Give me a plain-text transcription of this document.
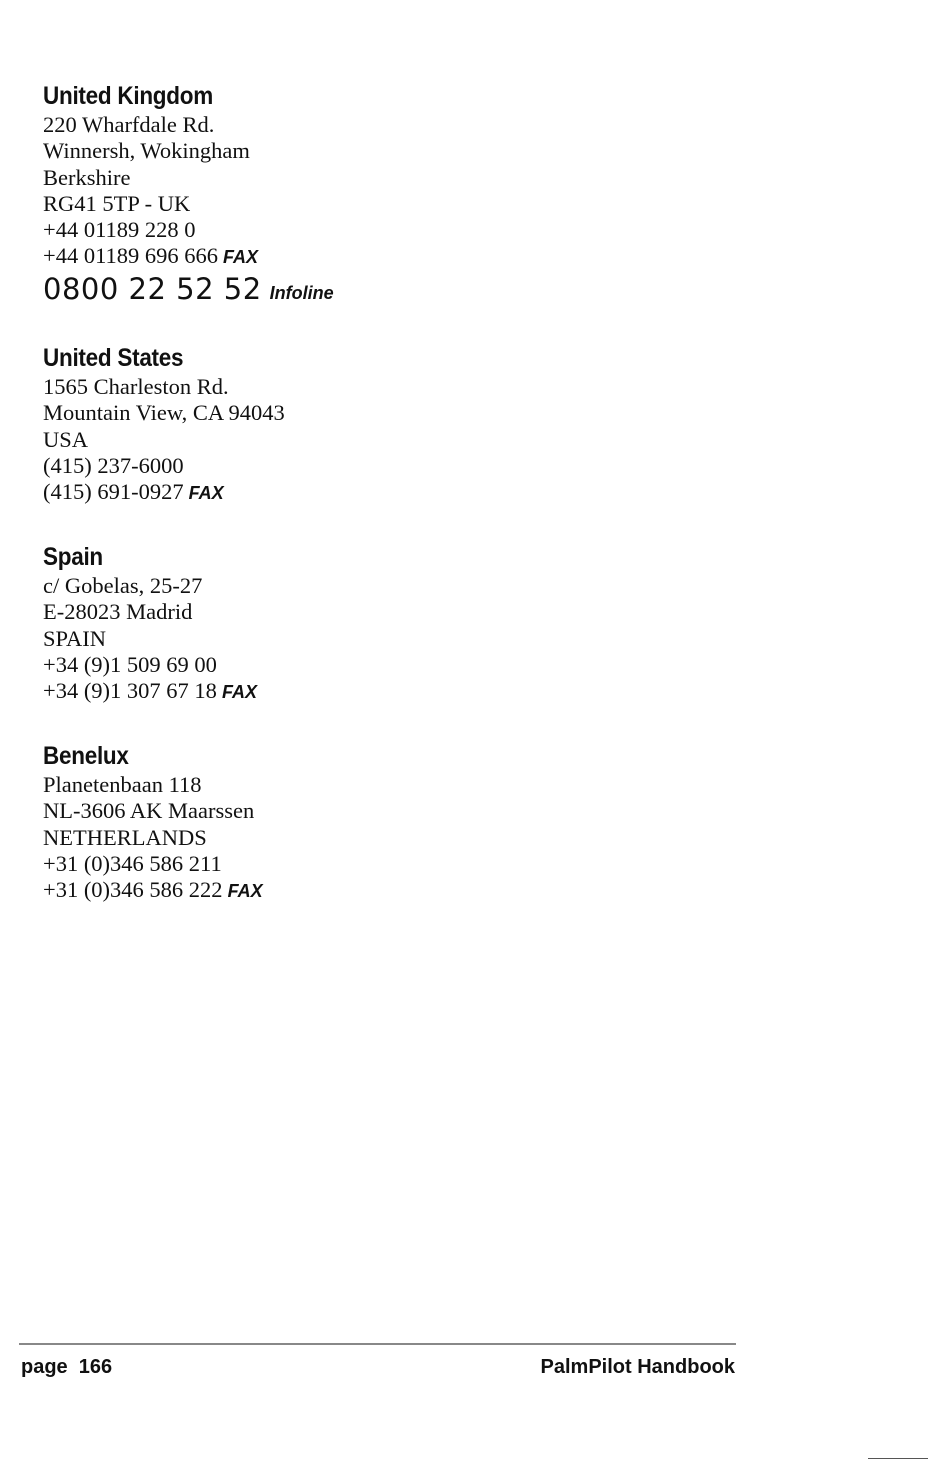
United Kingdom

220 Wharfdale Rd.

Winnersh, Wokingham

Berkshire

RG41 5TP - UK

+44 01189 228 0

+44 01189 696 666 FAX

0800 22 52 52 Infoline

United States

1565 Charleston Rd.

Mountain View, CA 94043

USA

(415) 237-6000

(415) 691-0927 FAX

Spain

c/ Gobelas, 25-27

E-28023 Madrid

SPAIN

+34 (9)1 509 69 00

+34 (9)1 307 67 18 FAX

Benelux

Planetenbaan 118

NL-3606 AK Maarssen

NETHERLANDS

+31 (0)346 586 211

+31 (0)346 586 222 FAX

page  166	PalmPilot Handbook
